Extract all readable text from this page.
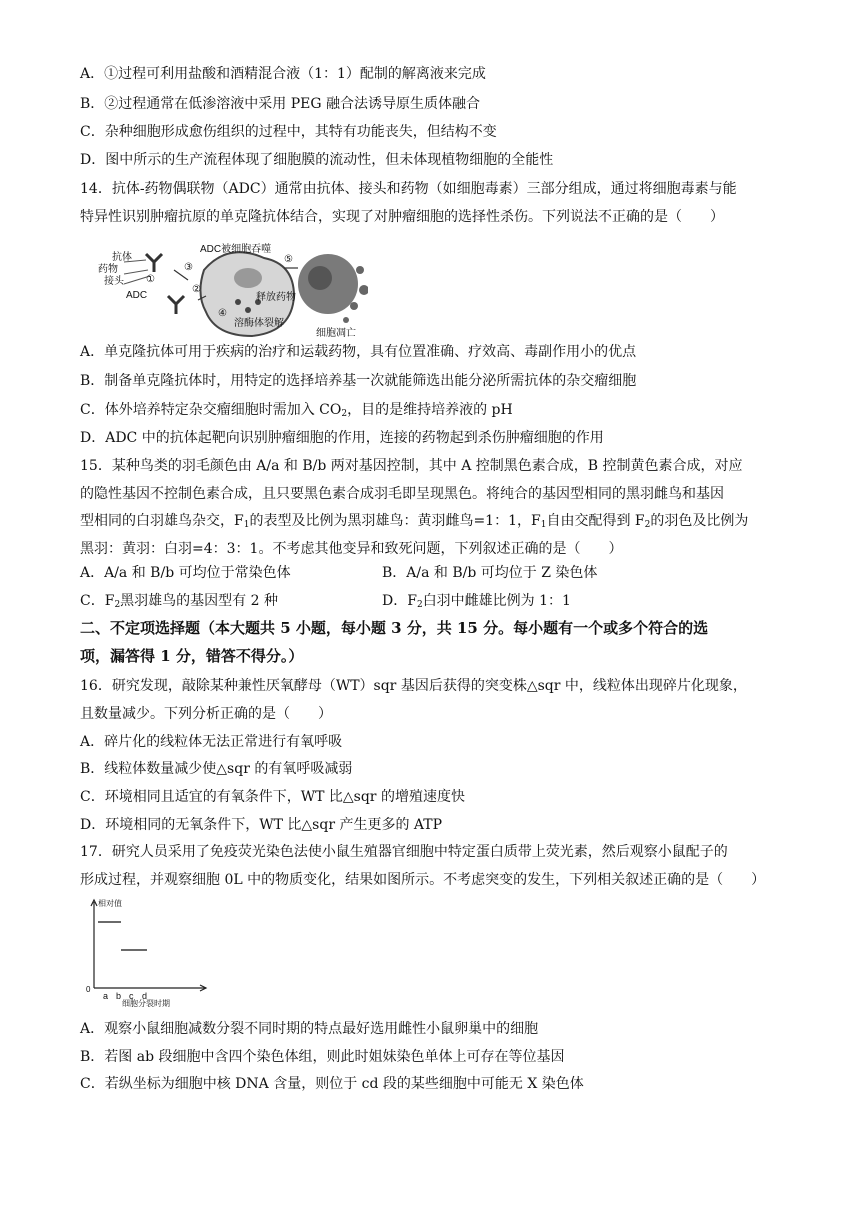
A．①过程可利用盐酸和酒精混合液（1：1）配制的解离液来完成
B．②过程通常在低渗溶液中采用 PEG 融合法诱导原生质体融合
C．杂种细胞形成愈伤组织的过程中，其特有功能丧失，但结构不变
D．图中所示的生产流程体现了细胞膜的流动性，但未体现植物细胞的全能性
14．抗体-药物偶联物（ADC）通常由抗体、接头和药物（如细胞毒素）三部分组成，通过将细胞毒素与能
特异性识别肿瘤抗原的单克隆抗体结合，实现了对肿瘤细胞的选择性杀伤。下列说法不正确的是（　　）
抗体
药物
接头
ADC
ADC被细胞吞噬
释放药物
溶酶体裂解
细胞凋亡
①
②
③
④
⑤
A．单克隆抗体可用于疾病的治疗和运载药物，具有位置准确、疗效高、毒副作用小的优点
B．制备单克隆抗体时，用特定的选择培养基一次就能筛选出能分泌所需抗体的杂交瘤细胞
C．体外培养特定杂交瘤细胞时需加入 $CO_2$，目的是维持培养液的 pH
D．ADC 中的抗体起靶向识别肿瘤细胞的作用，连接的药物起到杀伤肿瘤细胞的作用
15．某种鸟类的羽毛颜色由 A/a 和 B/b 两对基因控制，其中 A 控制黑色素合成，B 控制黄色素合成，对应
的隐性基因不控制色素合成，且只要黑色素合成羽毛即呈现黑色。将纯合的基因型相同的黑羽雌鸟和基因
型相同的白羽雄鸟杂交，$F_1$的表型及比例为黑羽雄鸟：黄羽雌鸟=1：1，$F_1$自由交配得到 $F_2$的羽色及比例为
黑羽：黄羽：白羽=4：3：1。不考虑其他变异和致死问题，下列叙述正确的是（　　）
A．A/a 和 B/b 可均位于常染色体	B．A/a 和 B/b 可均位于 Z 染色体
C．$F_2$黑羽雄鸟的基因型有 2 种	D．$F_2$白羽中雌雄比例为 1：1
二、不定项选择题（本大题共 5 小题，每小题 3 分，共 15 分。每小题有一个或多个符合的选
项，漏答得 1 分，错答不得分。）
16．研究发现，敲除某种兼性厌氧酵母（WT）sqr 基因后获得的突变株△sqr 中，线粒体出现碎片化现象，
且数量减少。下列分析正确的是（　　）
A．碎片化的线粒体无法正常进行有氧呼吸
B．线粒体数量减少使△sqr 的有氧呼吸减弱
C．环境相同且适宜的有氧条件下，WT 比△sqr 的增殖速度快
D．环境相同的无氧条件下，WT 比△sqr 产生更多的 ATP
17．研究人员采用了免疫荧光染色法使小鼠生殖器官细胞中特定蛋白质带上荧光素，然后观察小鼠配子的
形成过程，并观察细胞 0L 中的物质变化，结果如图所示。不考虑突变的发生，下列相关叙述正确的是（　　）
相对值
0
细胞分裂时期
a b c d
A．观察小鼠细胞减数分裂不同时期的特点最好选用雌性小鼠卵巢中的细胞
B．若图 ab 段细胞中含四个染色体组，则此时姐妹染色单体上可存在等位基因
C．若纵坐标为细胞中核 DNA 含量，则位于 cd 段的某些细胞中可能无 X 染色体
